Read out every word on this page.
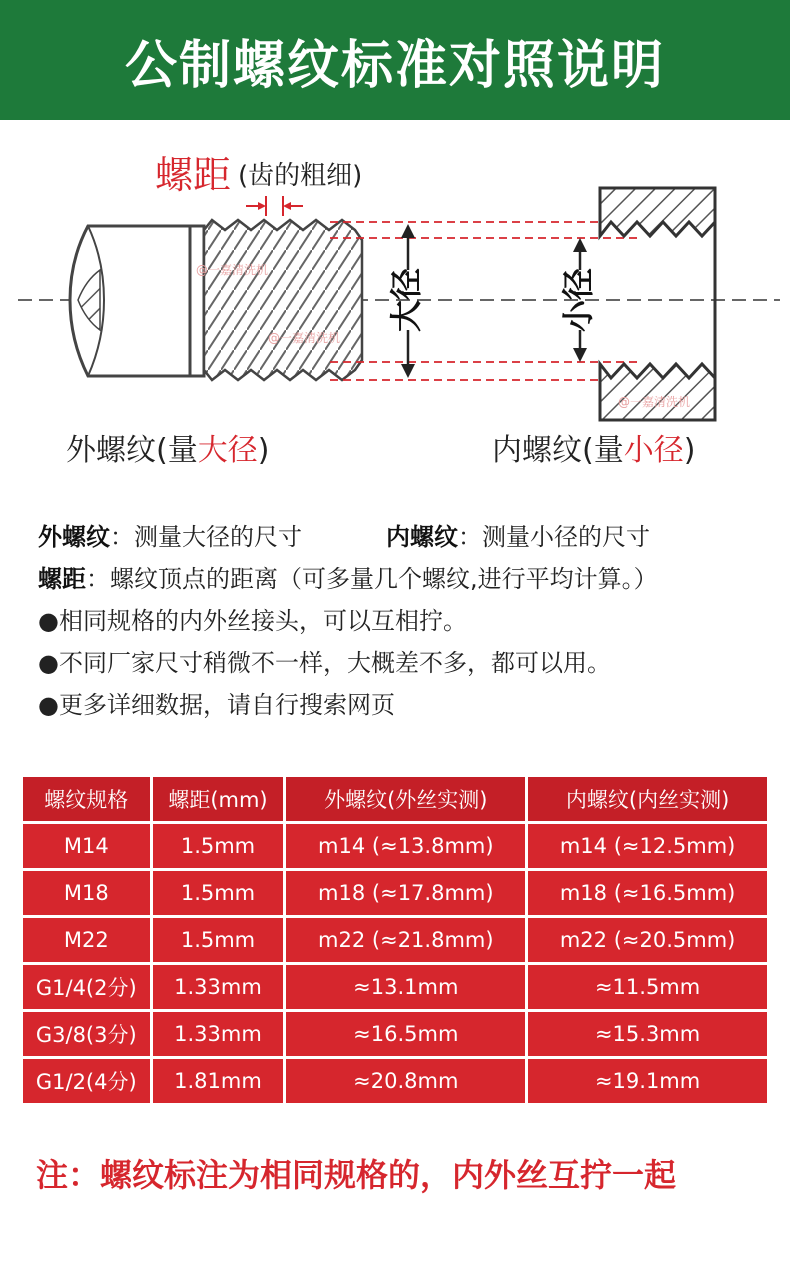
公制螺纹标准对照说明
螺距 (齿的粗细)
大径	小径
@一嘉清洗机
@一嘉清洗机
@一嘉清洗机
外螺纹(量大径)	内螺纹(量小径)
外螺纹：测量大径的尺寸	内螺纹：测量小径的尺寸
螺距：螺纹顶点的距离（可多量几个螺纹,进行平均计算。）
●相同规格的内外丝接头，可以互相拧。
●不同厂家尺寸稍微不一样，大概差不多，都可以用。
●更多详细数据，请自行搜索网页
螺纹规格	螺距(mm)	外螺纹(外丝实测)	内螺纹(内丝实测)
M14	1.5mm	m14 (≈13.8mm)	m14 (≈12.5mm)
M18	1.5mm	m18 (≈17.8mm)	m18 (≈16.5mm)
M22	1.5mm	m22 (≈21.8mm)	m22 (≈20.5mm)
G1/4(2分)	1.33mm	≈13.1mm	≈11.5mm
G3/8(3分)	1.33mm	≈16.5mm	≈15.3mm
G1/2(4分)	1.81mm	≈20.8mm	≈19.1mm
注：螺纹标注为相同规格的，内外丝互拧一起
